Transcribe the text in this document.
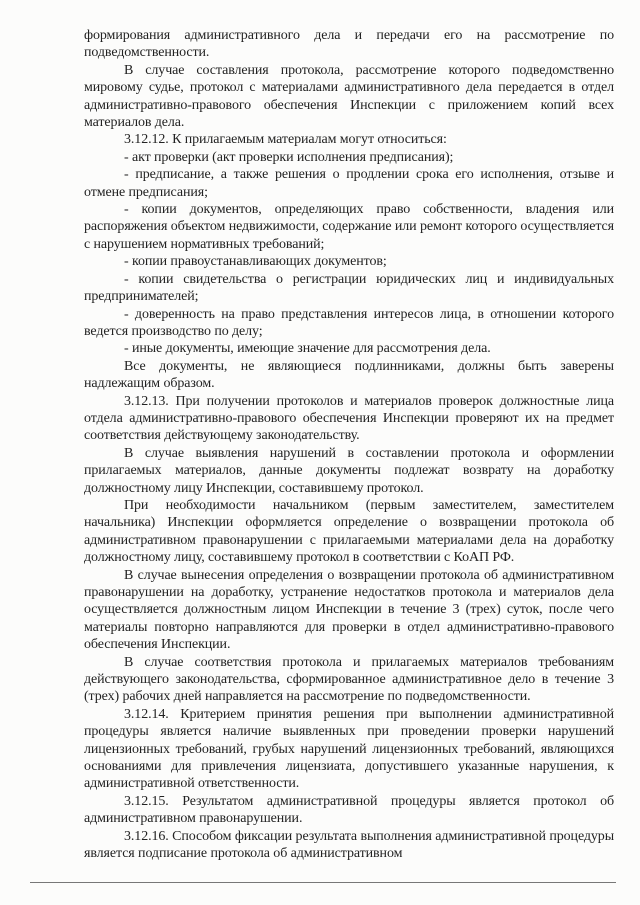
формирования административного дела и передачи его на рассмотрение по подведомственности.

В случае составления протокола, рассмотрение которого подведомственно мировому судье, протокол с материалами административного дела передается в отдел административно-правового обеспечения Инспекции с приложением копий всех материалов дела.

3.12.12. К прилагаемым материалам могут относиться:

- акт проверки (акт проверки исполнения предписания);

- предписание, а также решения о продлении срока его исполнения, отзыве и отмене предписания;

- копии документов, определяющих право собственности, владения или распоряжения объектом недвижимости, содержание или ремонт которого осуществляется с нарушением нормативных требований;

- копии правоустанавливающих документов;

- копии свидетельства о регистрации юридических лиц и индивидуальных предпринимателей;

- доверенность на право представления интересов лица, в отношении которого ведется производство по делу;

- иные документы, имеющие значение для рассмотрения дела.

Все документы, не являющиеся подлинниками, должны быть заверены надлежащим образом.

3.12.13. При получении протоколов и материалов проверок должностные лица отдела административно-правового обеспечения Инспекции проверяют их на предмет соответствия действующему законодательству.

В случае выявления нарушений в составлении протокола и оформлении прилагаемых материалов, данные документы подлежат возврату на доработку должностному лицу Инспекции, составившему протокол.

При необходимости начальником (первым заместителем, заместителем начальника) Инспекции оформляется определение о возвращении протокола об административном правонарушении с прилагаемыми материалами дела на доработку должностному лицу, составившему протокол в соответствии с КоАП РФ.

В случае вынесения определения о возвращении протокола об административном правонарушении на доработку, устранение недостатков протокола и материалов дела осуществляется должностным лицом Инспекции в течение 3 (трех) суток, после чего материалы повторно направляются для проверки в отдел административно-правового обеспечения Инспекции.

В случае соответствия протокола и прилагаемых материалов требованиям действующего законодательства, сформированное административное дело в течение 3 (трех) рабочих дней направляется на рассмотрение по подведомственности.

3.12.14. Критерием принятия решения при выполнении административной процедуры является наличие выявленных при проведении проверки нарушений лицензионных требований, грубых нарушений лицензионных требований, являющихся основаниями для привлечения лицензиата, допустившего указанные нарушения, к административной ответственности.

3.12.15. Результатом административной процедуры является протокол об административном правонарушении.

3.12.16. Способом фиксации результата выполнения административной процедуры является подписание протокола об административном
